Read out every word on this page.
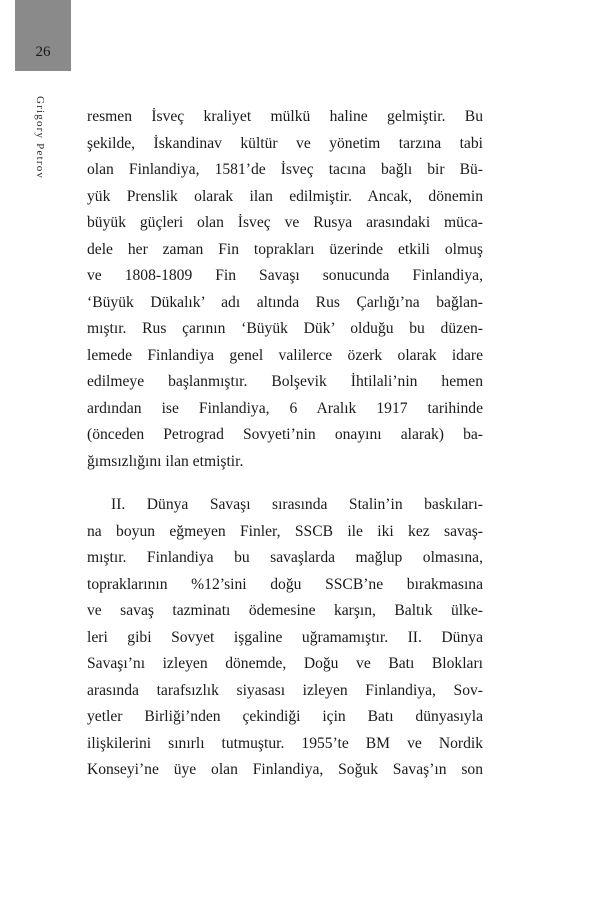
26
Grigory Petrov	resmen İsveç kraliyet mülkü haline gelmiştir. Bu
şekilde, İskandinav kültür ve yönetim tarzına tabi
olan Finlandiya, 1581’de İsveç tacına bağlı bir Bü-
yük Prenslik olarak ilan edilmiştir. Ancak, dönemin
büyük güçleri olan İsveç ve Rusya arasındaki müca-
dele her zaman Fin toprakları üzerinde etkili olmuş
ve 1808-1809 Fin Savaşı sonucunda Finlandiya,
‘Büyük Dükalık’ adı altında Rus Çarlığı’na bağlan-
mıştır. Rus çarının ‘Büyük Dük’ olduğu bu düzen-
lemede Finlandiya genel valilerce özerk olarak idare
edilmeye başlanmıştır. Bolşevik İhtilali’nin hemen
ardından ise Finlandiya, 6 Aralık 1917 tarihinde
(önceden Petrograd Sovyeti’nin onayını alarak) ba-
ğımsızlığını ilan etmiştir.

II. Dünya Savaşı sırasında Stalin’in baskıları-
na boyun eğmeyen Finler, SSCB ile iki kez savaş-
mıştır. Finlandiya bu savaşlarda mağlup olmasına,
topraklarının %12’sini doğu SSCB’ne bırakmasına
ve savaş tazminatı ödemesine karşın, Baltık ülke-
leri gibi Sovyet işgaline uğramamıştır. II. Dünya
Savaşı’nı izleyen dönemde, Doğu ve Batı Blokları
arasında tarafsızlık siyasası izleyen Finlandiya, Sov-
yetler Birliği’nden çekindiği için Batı dünyasıyla
ilişkilerini sınırlı tutmuştur. 1955’te BM ve Nordik
Konseyi’ne üye olan Finlandiya, Soğuk Savaş’ın son
